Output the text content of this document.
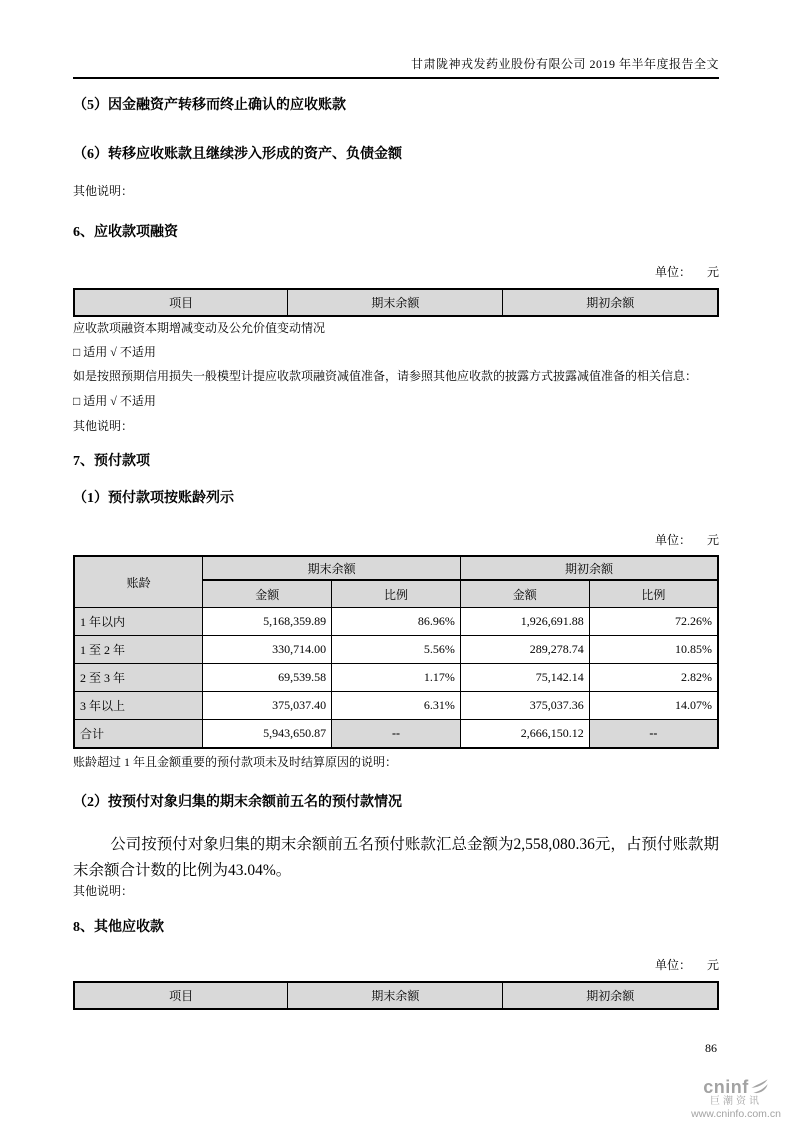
甘肃陇神戎发药业股份有限公司 2019 年半年度报告全文
（5）因金融资产转移而终止确认的应收账款
（6）转移应收账款且继续涉入形成的资产、负债金额

其他说明：

6、应收款项融资
单位： 元
项目	期末余额	期初余额

应收款项融资本期增减变动及公允价值变动情况

□ 适用 √ 不适用

如是按照预期信用损失一般模型计提应收款项融资减值准备，请参照其他应收款的披露方式披露减值准备的相关信息：

□ 适用 √ 不适用

其他说明：

7、预付款项
（1）预付款项按账龄列示
单位： 元
账龄	期末余额		期初余额	
	金额	比例	金额	比例
1 年以内	5,168,359.89	86.96%	1,926,691.88	72.26%
1 至 2 年	330,714.00	5.56%	289,278.74	10.85%
2 至 3 年	69,539.58	1.17%	75,142.14	2.82%
3 年以上	375,037.40	6.31%	375,037.36	14.07%
合计	5,943,650.87	--	2,666,150.12	--

账龄超过 1 年且金额重要的预付款项未及时结算原因的说明：

（2）按预付对象归集的期末余额前五名的预付款情况

公司按预付对象归集的期末余额前五名预付账款汇总金额为2,558,080.36元，占预付账款期末余额合计数的比例为43.04%。

其他说明：

8、其他应收款
单位： 元
项目	期末余额	期初余额
86
cninf
巨潮资讯
www.cninfo.com.cn
